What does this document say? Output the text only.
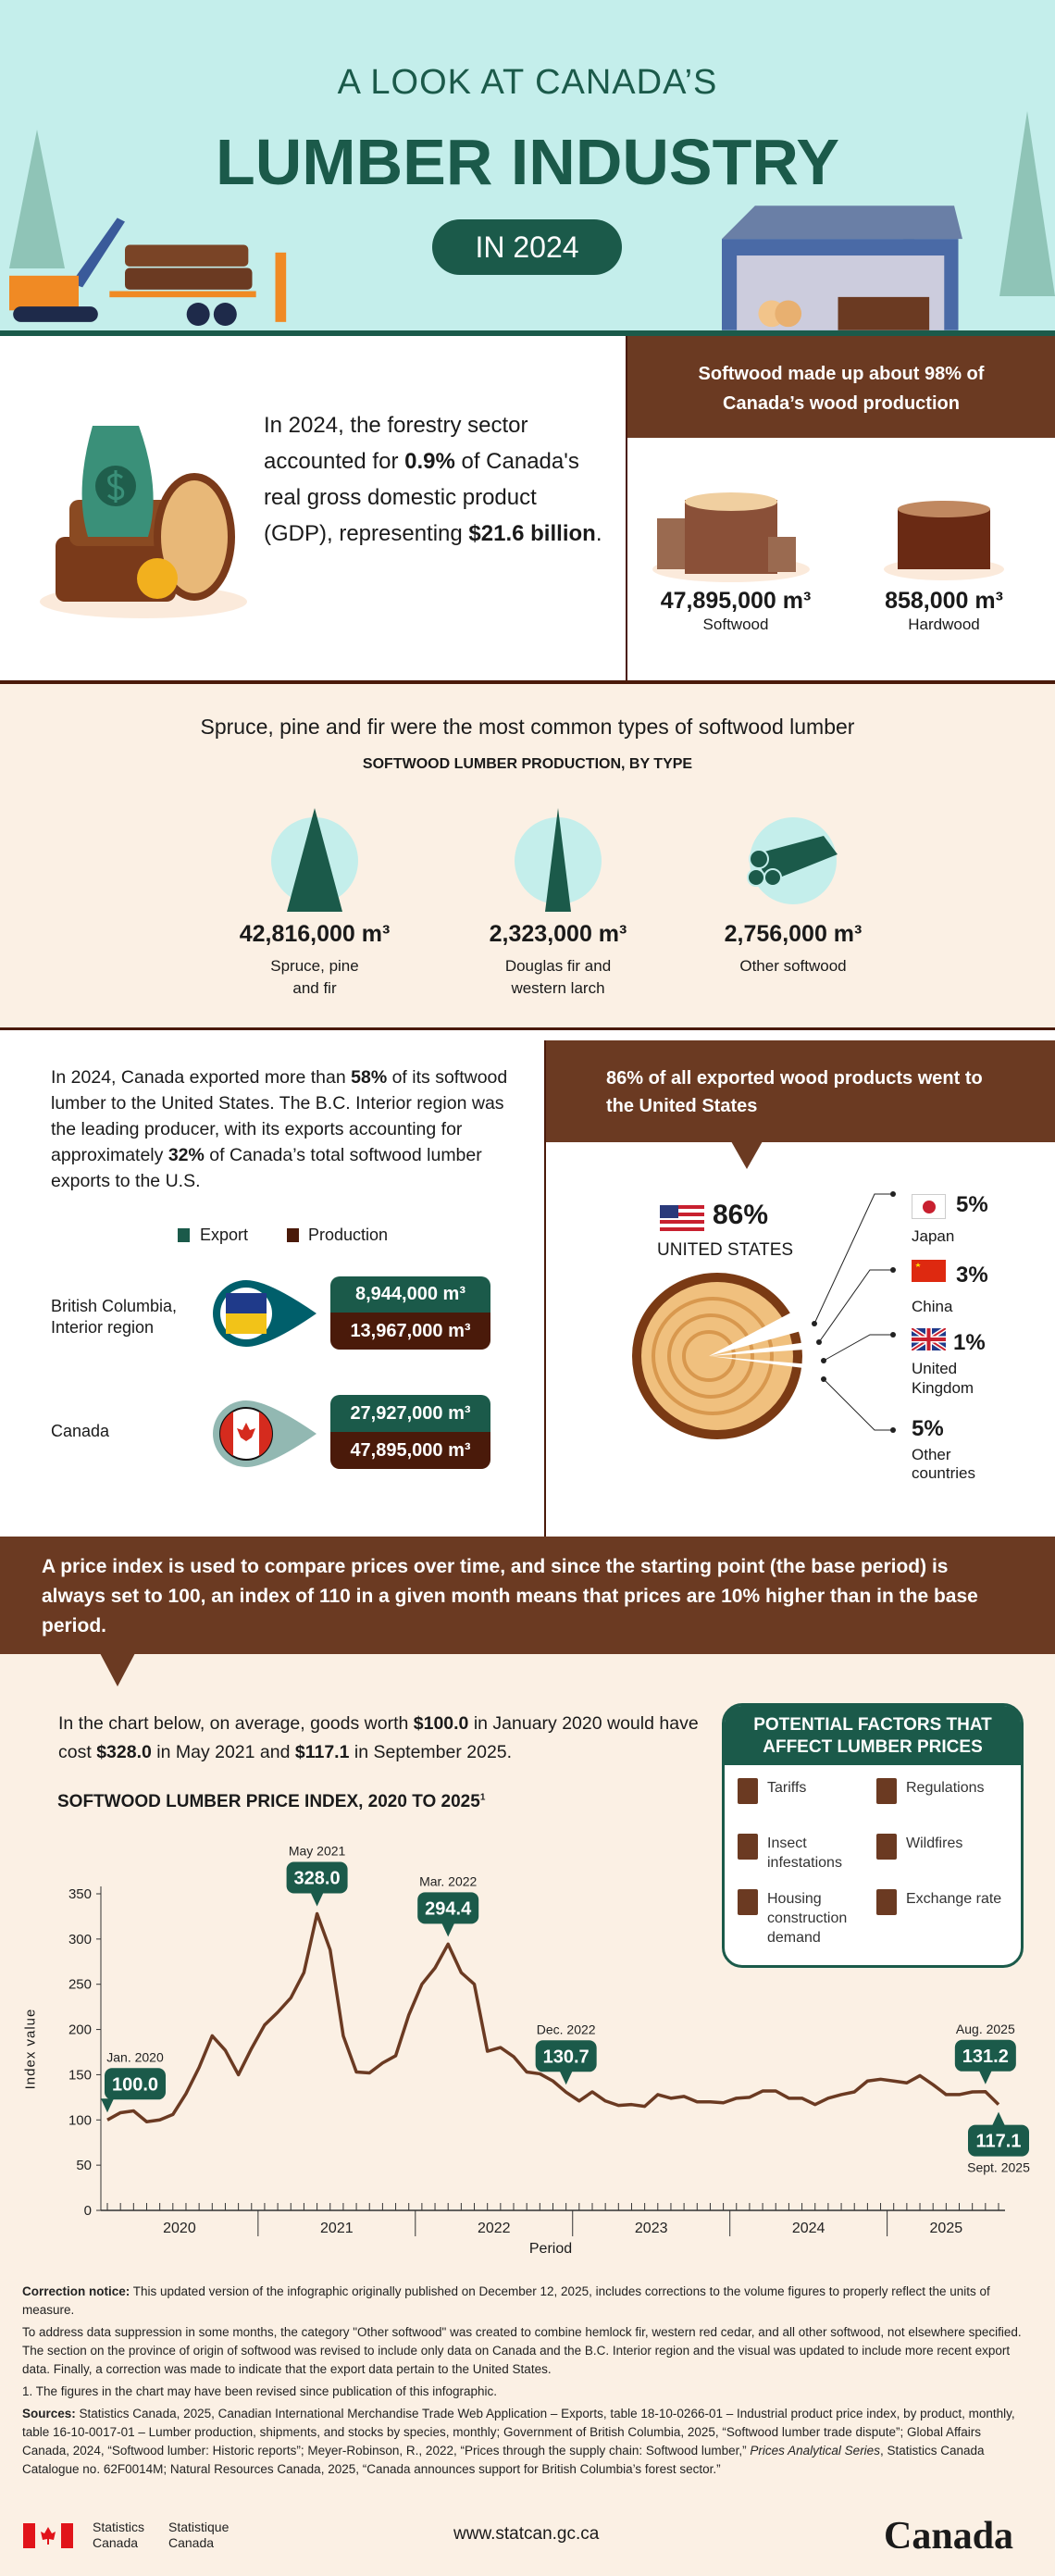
A LOOK AT CANADA’S
LUMBER INDUSTRY
IN 2024
In 2024, the forestry sector accounted for 0.9% of Canada's real gross domestic product (GDP), representing $21.6 billion.
Softwood made up about 98% of Canada’s wood production
47,895,000 m³
Softwood
858,000 m³
Hardwood
Spruce, pine and fir were the most common types of softwood lumber
SOFTWOOD LUMBER PRODUCTION, BY TYPE
42,816,000 m³
Spruce, pine
and fir
2,323,000 m³
Douglas fir and
western larch
2,756,000 m³
Other softwood
In 2024, Canada exported more than 58% of its softwood lumber to the United States. The B.C. Interior region was the leading producer, with its exports accounting for approximately 32% of Canada’s total softwood lumber exports to the U.S.
Export	Production
British Columbia,
Interior region
8,944,000 m³
13,967,000 m³
Canada
27,927,000 m³
47,895,000 m³
86% of all exported wood products went to the United States
86%
UNITED STATES
5%
Japan
3%
China
1%
United
Kingdom
5%
Other
countries
A price index is used to compare prices over time, and since the starting point (the base period) is always set to 100, an index of 110 in a given month means that prices are 10% higher than in the base period.
In the chart below, on average, goods worth $100.0 in January 2020 would have cost $328.0 in May 2021 and $117.1 in September 2025.
POTENTIAL FACTORS THAT AFFECT LUMBER PRICES
Tariffs	Regulations
Insect infestations
Wildfires
Housing construction demand
Exchange rate
SOFTWOOD LUMBER PRICE INDEX, 2020 TO 2025$^1$
0
50
100
150
200
250
300
350
2020	2021	2022	2023	2024	2025
100.0
Jan. 2020
328.0
May 2021
294.4
Mar. 2022
130.7
Dec. 2022
131.2
Aug. 2025
117.1
Sept. 2025
Period
Index value

Correction notice: This updated version of the infographic originally published on December 12, 2025, includes corrections to the volume figures to properly reflect the units of measure.

To address data suppression in some months, the category "Other softwood" was created to combine hemlock fir, western red cedar, and all other softwood, not elsewhere specified. The section on the province of origin of softwood was revised to include only data on Canada and the B.C. Interior region and the visual was updated to include more recent export data. Finally, a correction was made to indicate that the export data pertain to the United States.

1. The figures in the chart may have been revised since publication of this infographic.

Sources: Statistics Canada, 2025, Canadian International Merchandise Trade Web Application – Exports, table 18-10-0266-01 – Industrial product price index, by product, monthly, table 16-10-0017-01 – Lumber production, shipments, and stocks by species, monthly; Government of British Columbia, 2025, “Softwood lumber trade dispute”; Global Affairs Canada, 2024, “Softwood lumber: Historic reports”; Meyer-Robinson, R., 2022, “Prices through the supply chain: Softwood lumber,” Prices Analytical Series, Statistics Canada Catalogue no. 62F0014M; Natural Resources Canada, 2025, “Canada announces support for British Columbia’s forest sector.”

Statistics
Canada
Statistique
Canada	www.statcan.gc.ca	Canada
